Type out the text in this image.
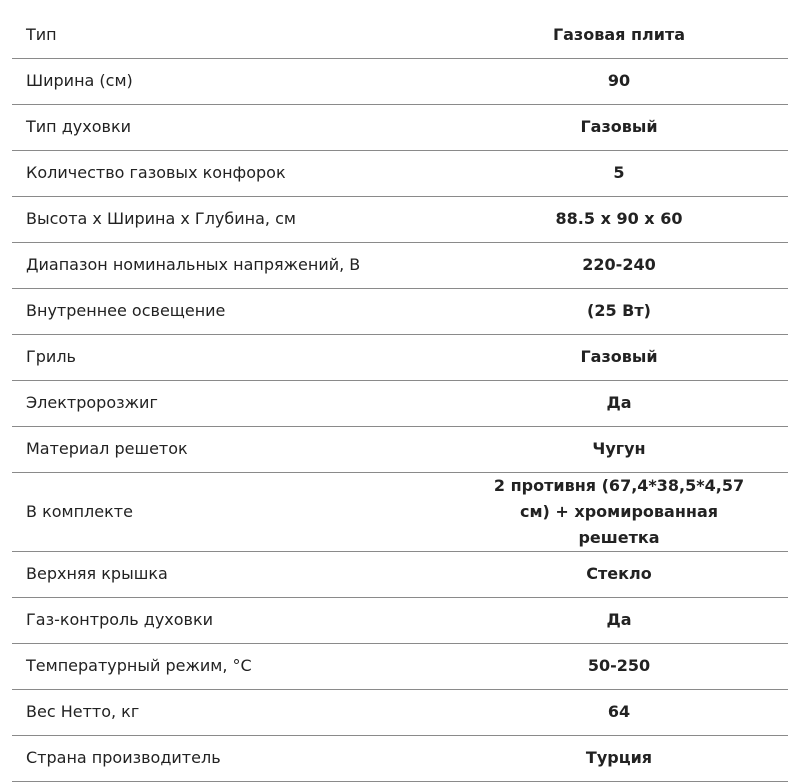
Тип	Газовая плита
Ширина (см)	90
Тип духовки	Газовый
Количество газовых конфорок	5
Высота x Ширина x Глубина, см	88.5 x 90 x 60
Диапазон номинальных напряжений, В	220-240
Внутреннее освещение	(25 Вт)
Гриль	Газовый
Электророзжиг	Да
Материал решеток	Чугун
В комплекте	2 противня (67,4*38,5*4,57 см) + хромированная решетка
Верхняя крышка	Стекло
Газ-контроль духовки	Да
Температурный режим, °C	50-250
Вес Нетто, кг	64
Страна производитель	Турция
